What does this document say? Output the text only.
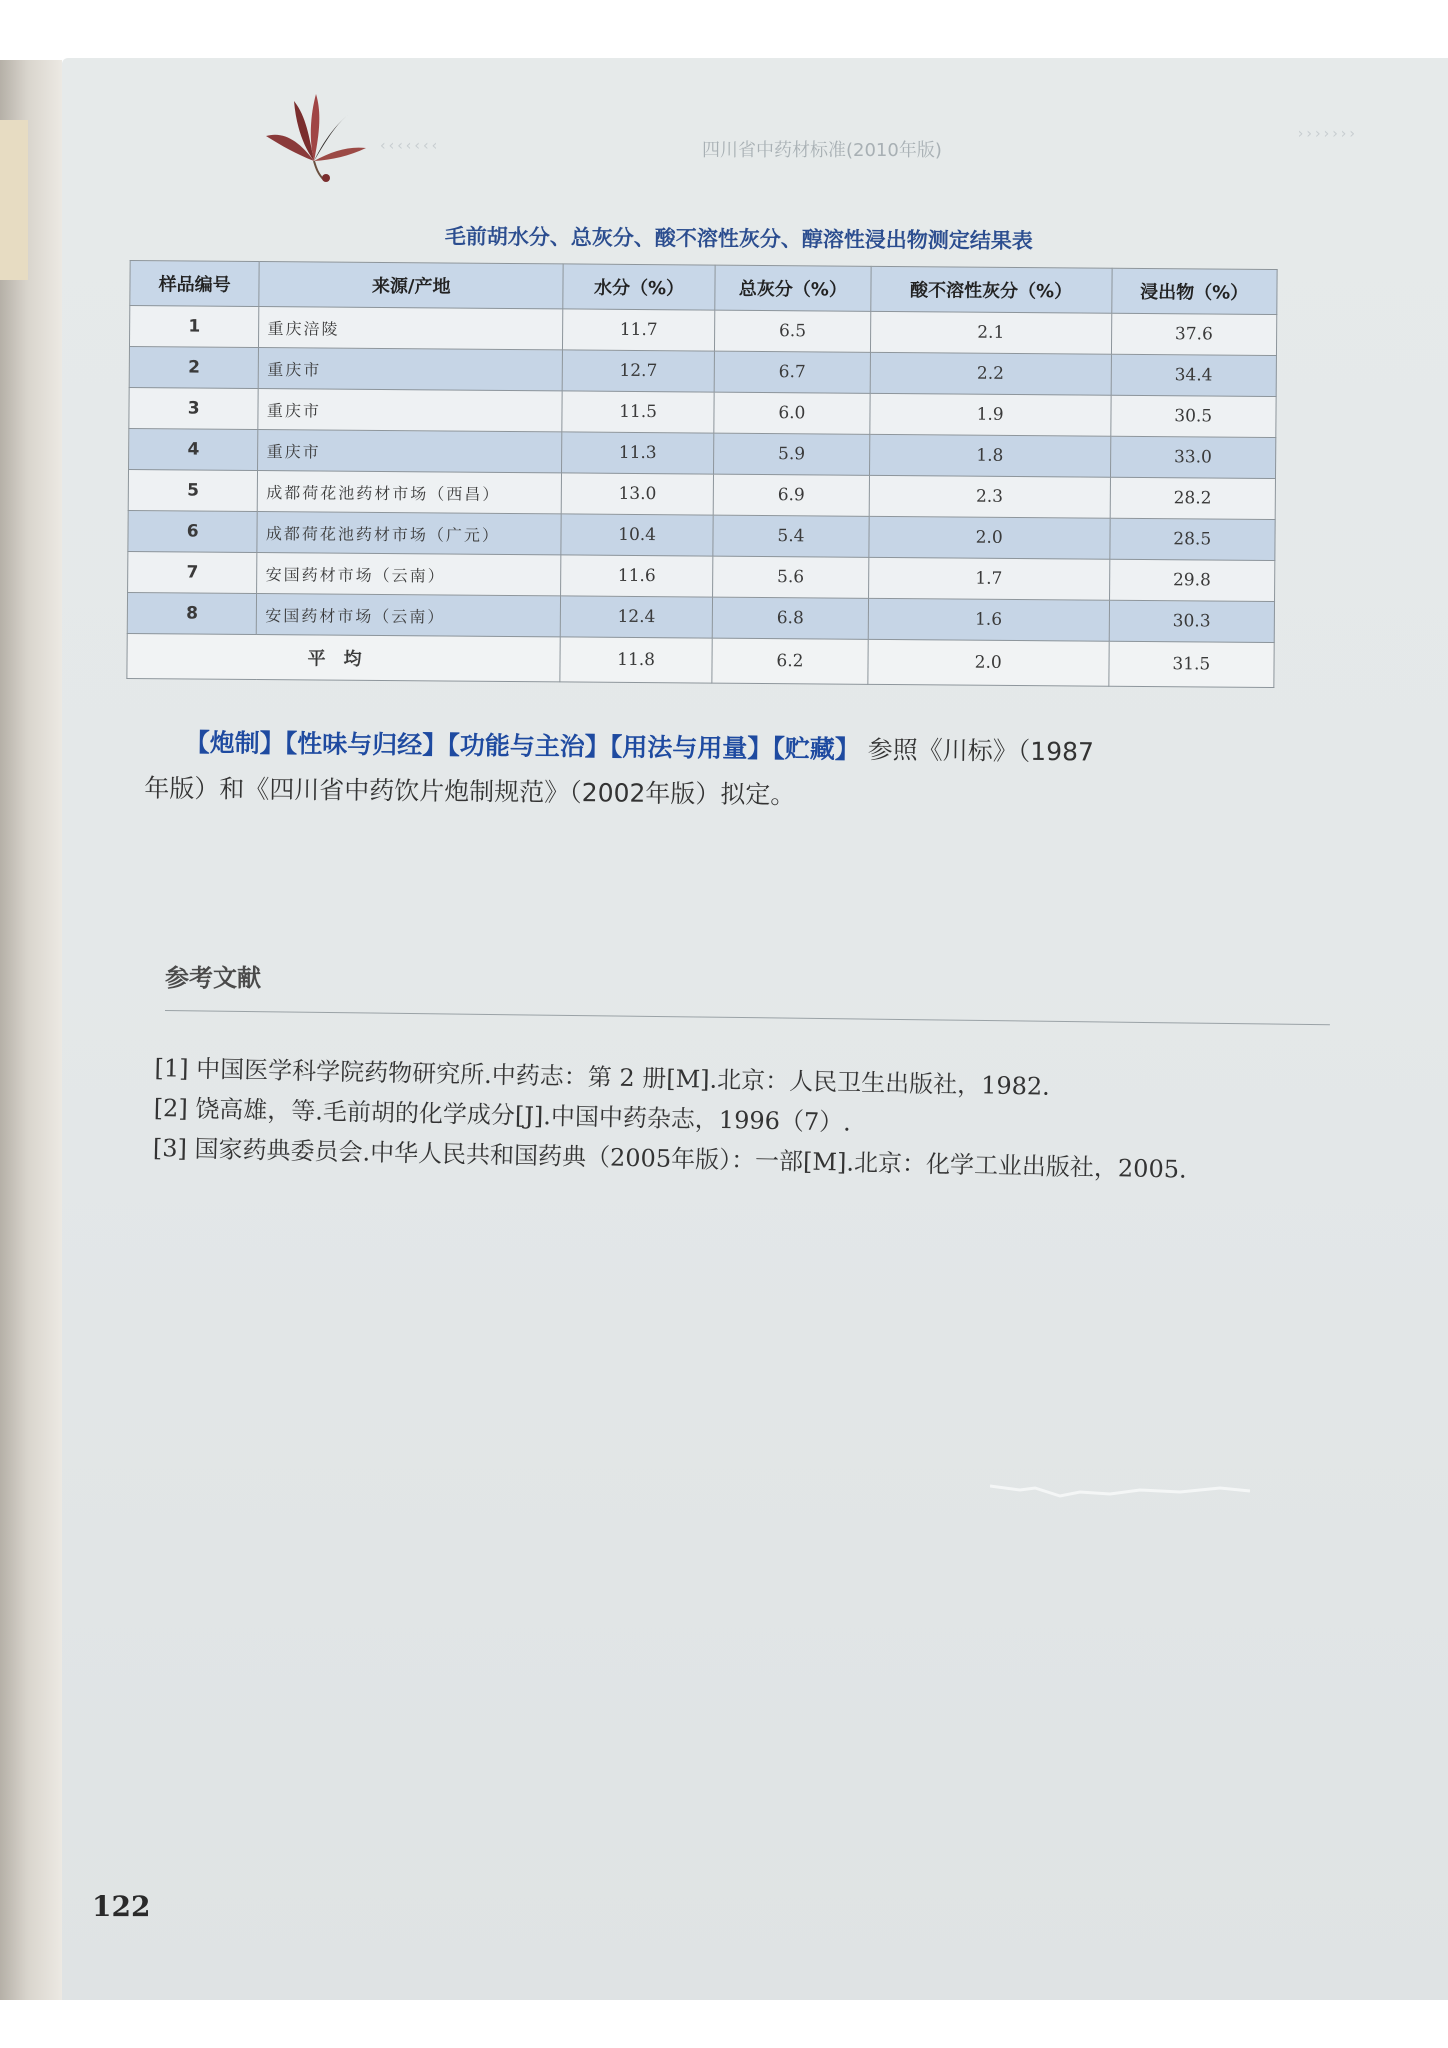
‹‹‹‹‹‹‹	四川省中药材标准(2010年版)
›››››››
毛前胡水分、总灰分、酸不溶性灰分、醇溶性浸出物测定结果表
样品编号	来源/产地	水分（%）	总灰分（%）	酸不溶性灰分（%）	浸出物（%）
1	重庆涪陵	11.7	6.5	2.1	37.6
2	重庆市	12.7	6.7	2.2	34.4
3	重庆市	11.5	6.0	1.9	30.5
4	重庆市	11.3	5.9	1.8	33.0
5	成都荷花池药材市场（西昌）	13.0	6.9	2.3	28.2
6	成都荷花池药材市场（广元）	10.4	5.4	2.0	28.5
7	安国药材市场（云南）	11.6	5.6	1.7	29.8
8	安国药材市场（云南）	12.4	6.8	1.6	30.3
平均		11.8	6.2	2.0	31.5
【炮制】【性味与归经】【功能与主治】【用法与用量】【贮藏】 参照《川标》（1987
年版）和《四川省中药饮片炮制规范》（2002年版）拟定。
参考文献
[1] 中国医学科学院药物研究所.中药志：第 2 册[M].北京：人民卫生出版社，1982.
[2] 饶高雄，等.毛前胡的化学成分[J].中国中药杂志，1996（7）.
[3] 国家药典委员会.中华人民共和国药典（2005年版）：一部[M].北京：化学工业出版社，2005.
122
